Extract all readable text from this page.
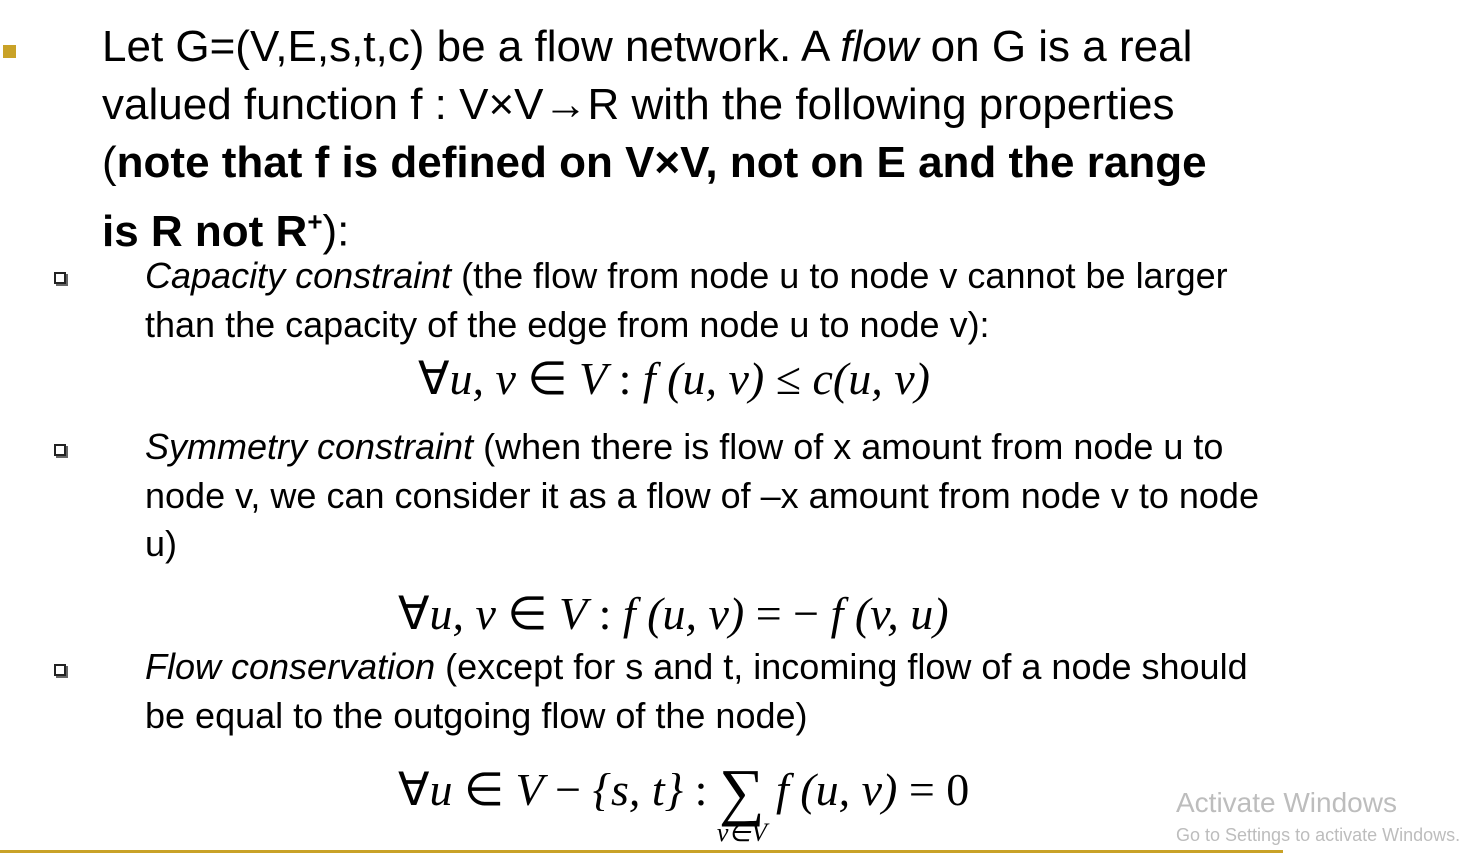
Let G=(V,E,s,t,c) be a flow network. A flow on G is a real valued function f : V×V→R with the following properties (note that f is defined on V×V, not on E and the range is R not R+):
Capacity constraint (the flow from node u to node v cannot be larger than the capacity of the edge from node u to node v):
∀u, v ∈ V : f (u, v) ≤ c(u, v)
Symmetry constraint (when there is flow of x amount from node u to node v, we can consider it as a flow of –x amount from node v to node u)
∀u, v ∈ V : f (u, v) = − f (v, u)
Flow conservation (except for s and t, incoming flow of a node should be equal to the outgoing flow of the node)
∀u ∈ V − {s, t} : ∑
v∈V
f (u, v) = 0	Activate Windows
Go to Settings to activate Windows.
